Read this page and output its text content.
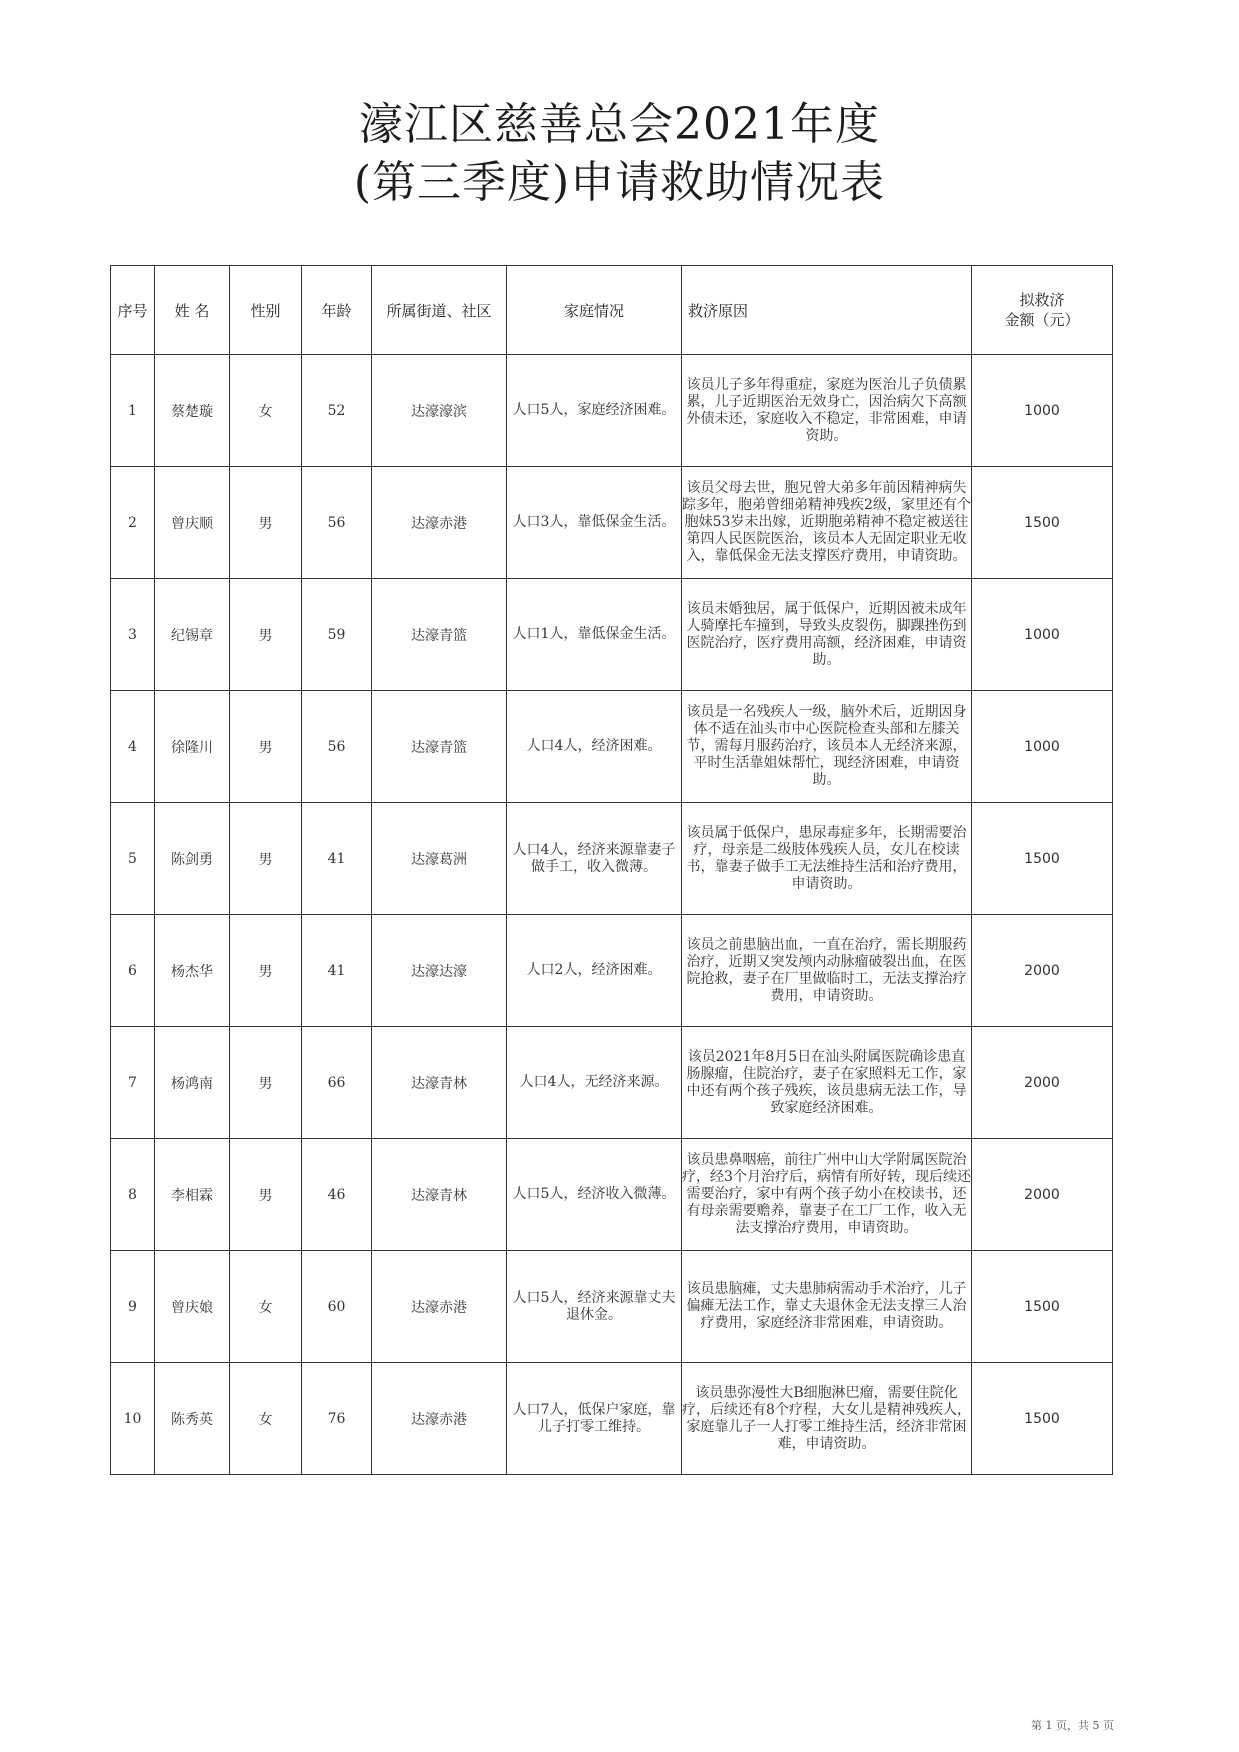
濠江区慈善总会2021年度
(第三季度)申请救助情况表
序号	姓 名	性别	年龄	所属街道、社区	家庭情况	救济原因	拟救济
金额（元）

1	蔡楚璇	女	52	达濠濠滨	人口5人，家庭经济困难。	该员儿子多年得重症，家庭为医治儿子负债累累，儿子近期医治无效身亡，因治病欠下高额外债未还，家庭收入不稳定，非常困难，申请资助。	1000
2	曾庆顺	男	56	达濠赤港	人口3人，靠低保金生活。	该员父母去世，胞兄曾大弟多年前因精神病失踪多年，胞弟曾细弟精神残疾2级，家里还有个胞妹53岁未出嫁，近期胞弟精神不稳定被送往第四人民医院医治，该员本人无固定职业无收入，靠低保金无法支撑医疗费用，申请资助。	1500
3	纪锡章	男	59	达濠青篮	人口1人，靠低保金生活。	该员未婚独居，属于低保户，近期因被未成年人骑摩托车撞到，导致头皮裂伤，脚踝挫伤到医院治疗，医疗费用高额，经济困难，申请资助。	1000
4	徐隆川	男	56	达濠青篮	人口4人，经济困难。	该员是一名残疾人一级，脑外术后，近期因身体不适在汕头市中心医院检查头部和左膝关节，需每月服药治疗，该员本人无经济来源，平时生活靠姐妹帮忙，现经济困难，申请资助。	1000
5	陈剑勇	男	41	达濠葛洲	人口4人，经济来源靠妻子做手工，收入微薄。	该员属于低保户，患尿毒症多年，长期需要治疗，母亲是二级肢体残疾人员，女儿在校读书，靠妻子做手工无法维持生活和治疗费用，申请资助。	1500
6	杨杰华	男	41	达濠达濠	人口2人，经济困难。	该员之前患脑出血，一直在治疗，需长期服药治疗，近期又突发颅内动脉瘤破裂出血，在医院抢救，妻子在厂里做临时工，无法支撑治疗费用，申请资助。	2000
7	杨鸿南	男	66	达濠青林	人口4人，无经济来源。	该员2021年8月5日在汕头附属医院确诊患直肠腺瘤，住院治疗，妻子在家照料无工作，家中还有两个孩子残疾，该员患病无法工作，导致家庭经济困难。	2000
8	李相霖	男	46	达濠青林	人口5人，经济收入微薄。	该员患鼻咽癌，前往广州中山大学附属医院治疗，经3个月治疗后，病情有所好转，现后续还需要治疗，家中有两个孩子幼小在校读书，还有母亲需要赡养，靠妻子在工厂工作，收入无法支撑治疗费用，申请资助。	2000
9	曾庆娘	女	60	达濠赤港	人口5人，经济来源靠丈夫退休金。	该员患脑瘫，丈夫患肺病需动手术治疗，儿子偏瘫无法工作，靠丈夫退休金无法支撑三人治疗费用，家庭经济非常困难，申请资助。	1500
10	陈秀英	女	76	达濠赤港	人口7人，低保户家庭，靠儿子打零工维持。	该员患弥漫性大B细胞淋巴瘤，需要住院化疗，后续还有8个疗程，大女儿是精神残疾人，家庭靠儿子一人打零工维持生活，经济非常困难，申请资助。	1500
第 1 页，共 5 页
